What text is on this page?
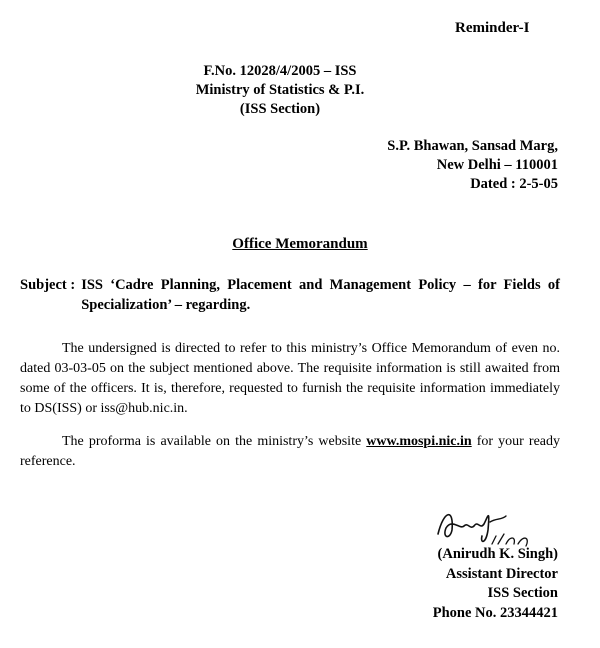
Reminder-I
F.No. 12028/4/2005 – ISS
Ministry of Statistics & P.I.
(ISS Section)
S.P. Bhawan, Sansad Marg,
New Delhi – 110001
Dated : 2-5-05
Office Memorandum
Subject : ISS ‘Cadre Planning, Placement and Management Policy – for Fields of Specialization’ – regarding.
The undersigned is directed to refer to this ministry’s Office Memorandum of even no. dated 03-03-05 on the subject mentioned above. The requisite information is still awaited from some of the officers. It is, therefore, requested to furnish the requisite information immediately to DS(ISS) or iss@hub.nic.in.
The proforma is available on the ministry’s website www.mospi.nic.in for your ready reference.
(Anirudh K. Singh)
Assistant Director
ISS Section
Phone No. 23344421
